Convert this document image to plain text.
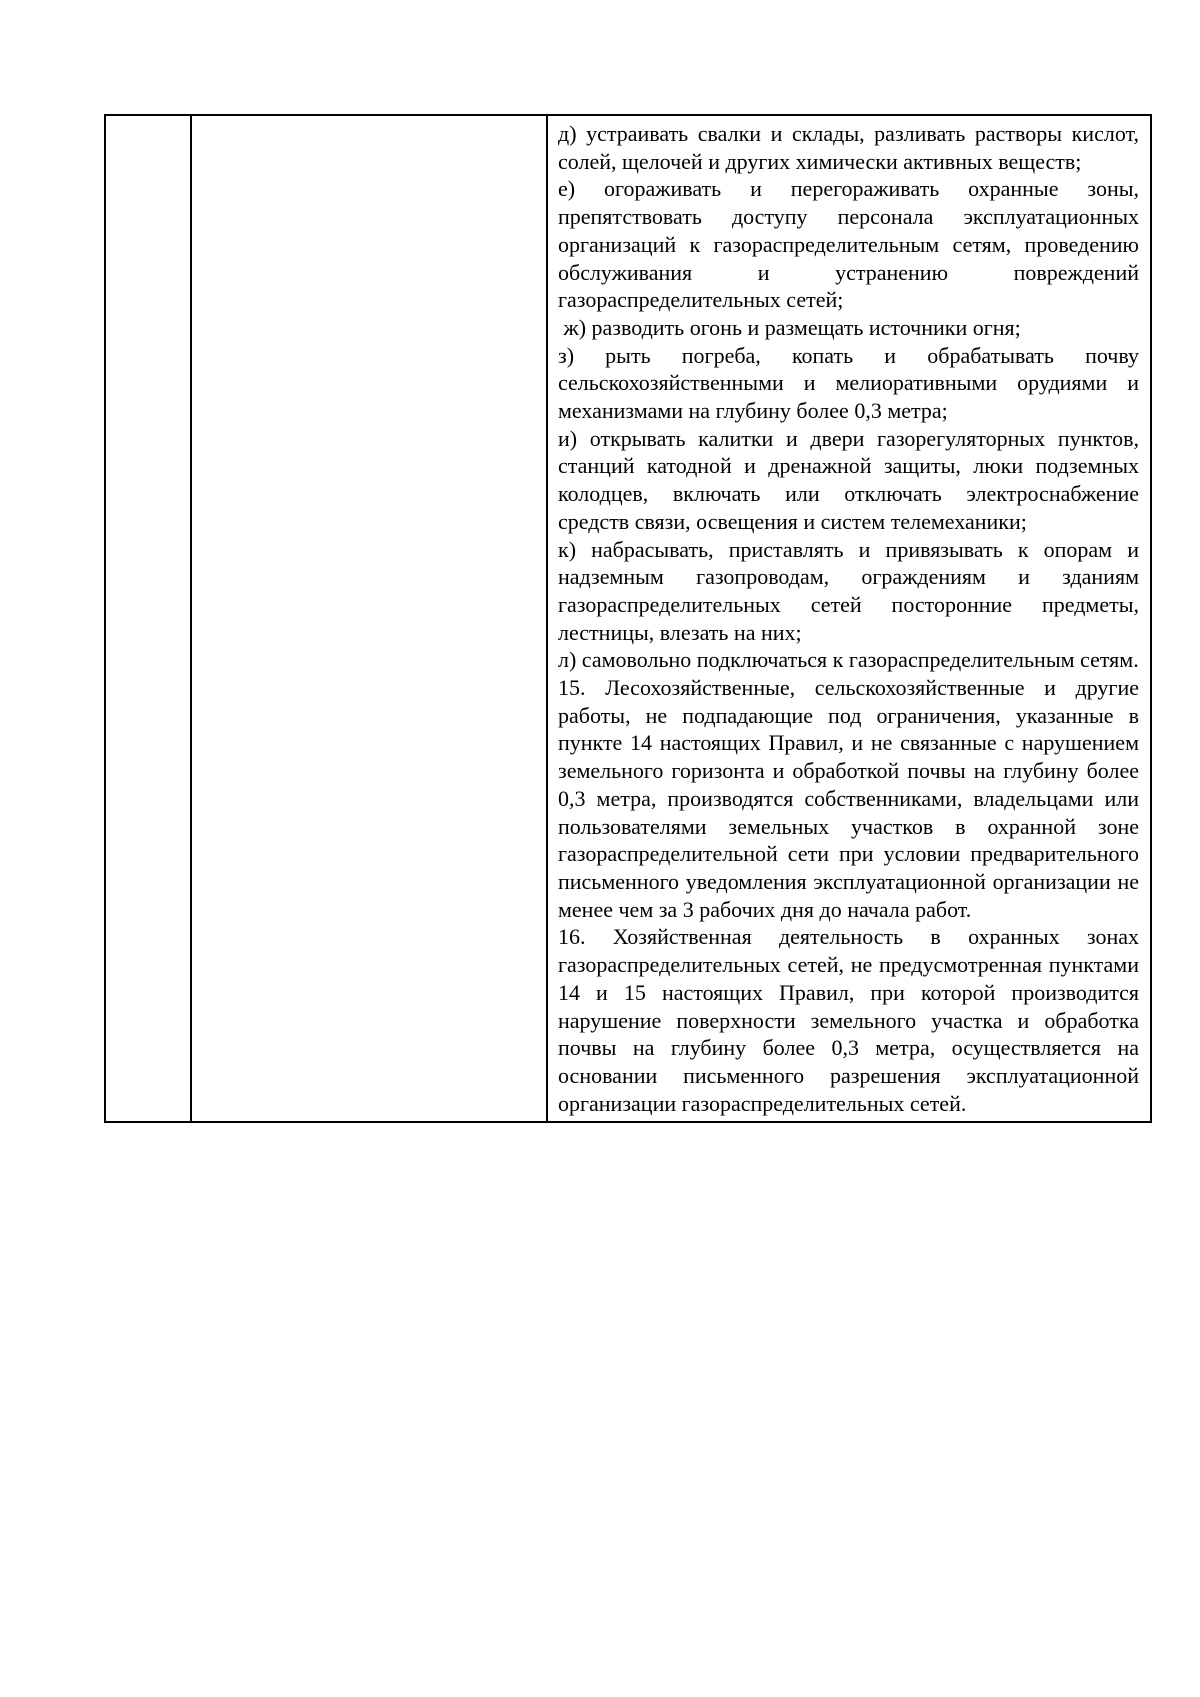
д) устраивать свалки и склады, разливать растворы кислот, солей, щелочей и других химически активных веществ;

е) огораживать и перегораживать охранные зоны, препятствовать доступу персонала эксплуатационных организаций к газораспределительным сетям, проведению обслуживания и устранению повреждений газораспределительных сетей;

ж) разводить огонь и размещать источники огня;

з) рыть погреба, копать и обрабатывать почву сельскохозяйственными и мелиоративными орудиями и механизмами на глубину более 0,3 метра;

и) открывать калитки и двери газорегуляторных пунктов, станций катодной и дренажной защиты, люки подземных колодцев, включать или отключать электроснабжение средств связи, освещения и систем телемеханики;

к) набрасывать, приставлять и привязывать к опорам и надземным газопроводам, ограждениям и зданиям газораспределительных сетей посторонние предметы, лестницы, влезать на них;

л) самовольно подключаться к газораспределительным сетям.

15. Лесохозяйственные, сельскохозяйственные и другие работы, не подпадающие под ограничения, указанные в пункте 14 настоящих Правил, и не связанные с нарушением земельного горизонта и обработкой почвы на глубину более 0,3 метра, производятся собственниками, владельцами или пользователями земельных участков в охранной зоне газораспределительной сети при условии предварительного письменного уведомления эксплуатационной организации не менее чем за 3 рабочих дня до начала работ.

16. Хозяйственная деятельность в охранных зонах газораспределительных сетей, не предусмотренная пунктами 14 и 15 настоящих Правил, при которой производится нарушение поверхности земельного участка и обработка почвы на глубину более 0,3 метра, осуществляется на основании письменного разрешения эксплуатационной организации газораспределительных сетей.
